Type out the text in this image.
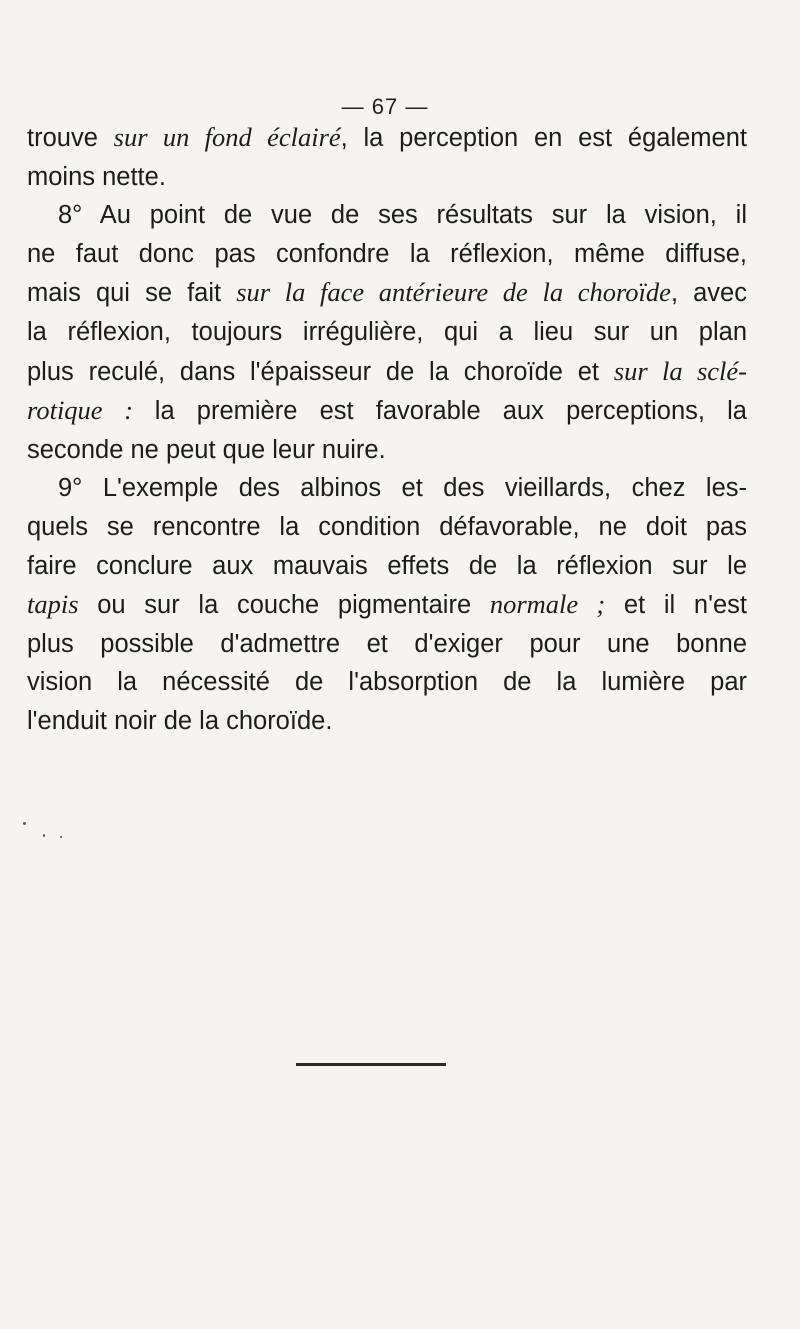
— 67 —
trouve sur un fond éclairé, la perception en est également
moins nette.
8° Au point de vue de ses résultats sur la vision, il
ne faut donc pas confondre la réflexion, même diffuse,
mais qui se fait sur la face antérieure de la choroïde, avec
la réflexion, toujours irrégulière, qui a lieu sur un plan
plus reculé, dans l'épaisseur de la choroïde et sur la sclé-
rotique : la première est favorable aux perceptions, la
seconde ne peut que leur nuire.
9° L'exemple des albinos et des vieillards, chez les-
quels se rencontre la condition défavorable, ne doit pas
faire conclure aux mauvais effets de la réflexion sur le
tapis ou sur la couche pigmentaire normale ; et il n'est
plus possible d'admettre et d'exiger pour une bonne
vision la nécessité de l'absorption de la lumière par
l'enduit noir de la choroïde.
